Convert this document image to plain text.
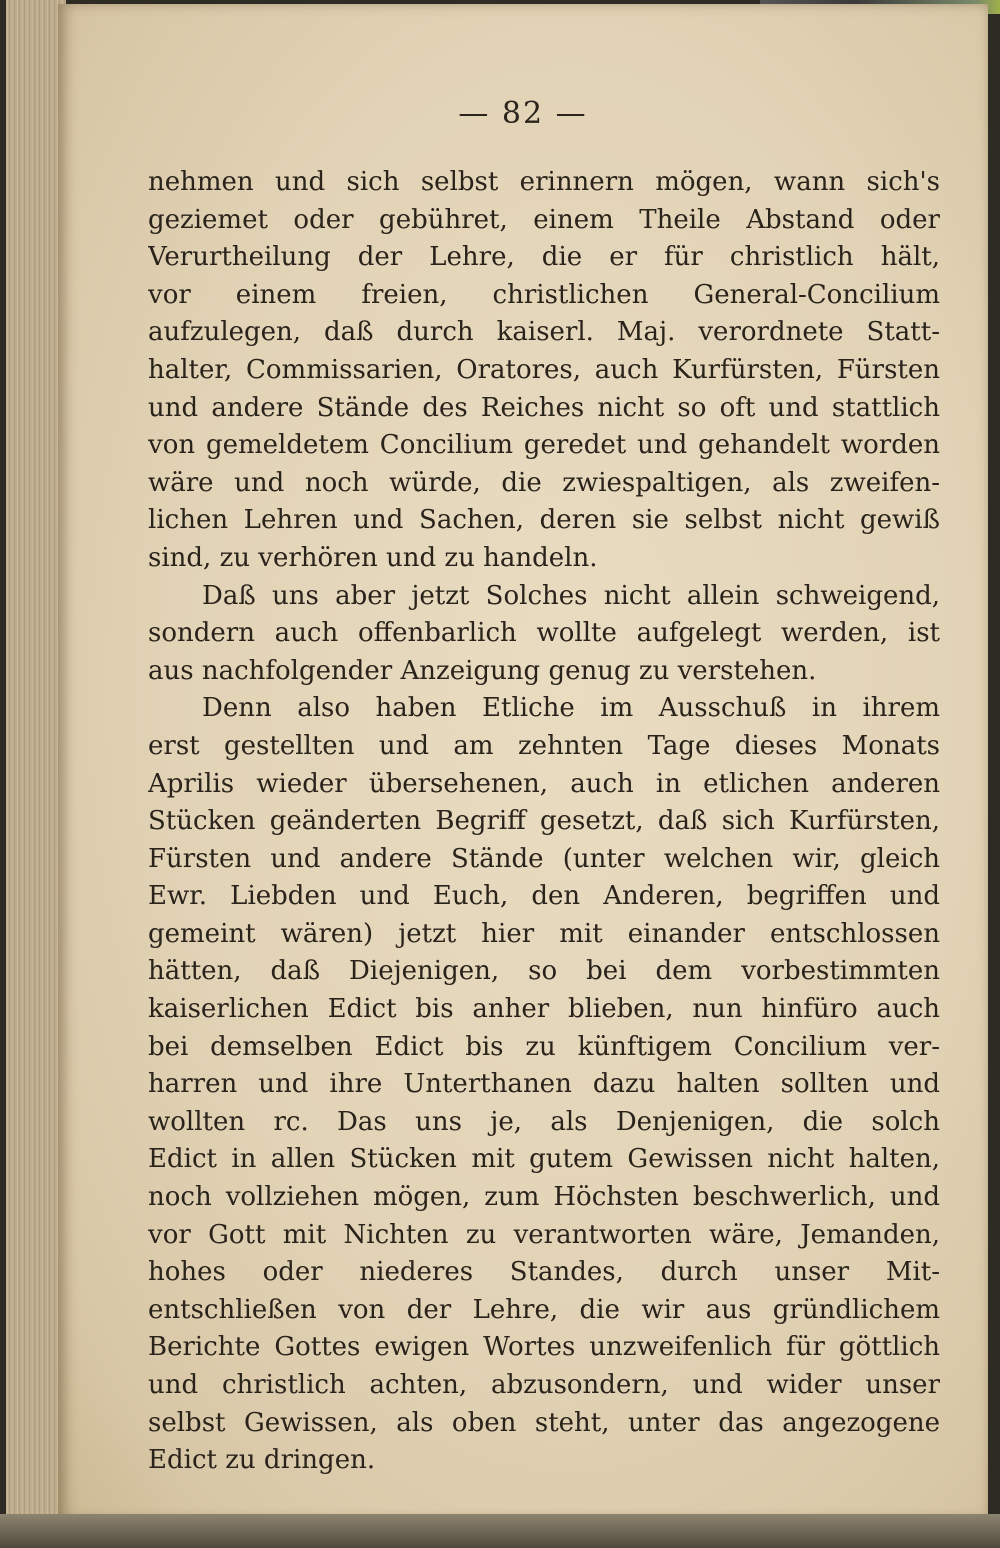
— 82 —
nehmen und sich selbst erinnern mögen, wann sich's
geziemet oder gebühret, einem Theile Abstand oder
Verurtheilung der Lehre, die er für christlich hält,
vor einem freien, christlichen General-Concilium
aufzulegen, daß durch kaiserl. Maj. verordnete Statt-
halter, Commissarien, Oratores, auch Kurfürsten, Fürsten
und andere Stände des Reiches nicht so oft und stattlich
von gemeldetem Concilium geredet und gehandelt worden
wäre und noch würde, die zwiespaltigen, als zweifen-
lichen Lehren und Sachen, deren sie selbst nicht gewiß
sind, zu verhören und zu handeln.
Daß uns aber jetzt Solches nicht allein schweigend,
sondern auch offenbarlich wollte aufgelegt werden, ist
aus nachfolgender Anzeigung genug zu verstehen.
Denn also haben Etliche im Ausschuß in ihrem
erst gestellten und am zehnten Tage dieses Monats
Aprilis wieder übersehenen, auch in etlichen anderen
Stücken geänderten Begriff gesetzt, daß sich Kurfürsten,
Fürsten und andere Stände (unter welchen wir, gleich
Ewr. Liebden und Euch, den Anderen, begriffen und
gemeint wären) jetzt hier mit einander entschlossen
hätten, daß Diejenigen, so bei dem vorbestimmten
kaiserlichen Edict bis anher blieben, nun hinfüro auch
bei demselben Edict bis zu künftigem Concilium ver-
harren und ihre Unterthanen dazu halten sollten und
wollten rc. Das uns je, als Denjenigen, die solch
Edict in allen Stücken mit gutem Gewissen nicht halten,
noch vollziehen mögen, zum Höchsten beschwerlich, und
vor Gott mit Nichten zu verantworten wäre, Jemanden,
hohes oder niederes Standes, durch unser Mit-
entschließen von der Lehre, die wir aus gründlichem
Berichte Gottes ewigen Wortes unzweifenlich für göttlich
und christlich achten, abzusondern, und wider unser
selbst Gewissen, als oben steht, unter das angezogene
Edict zu dringen.
